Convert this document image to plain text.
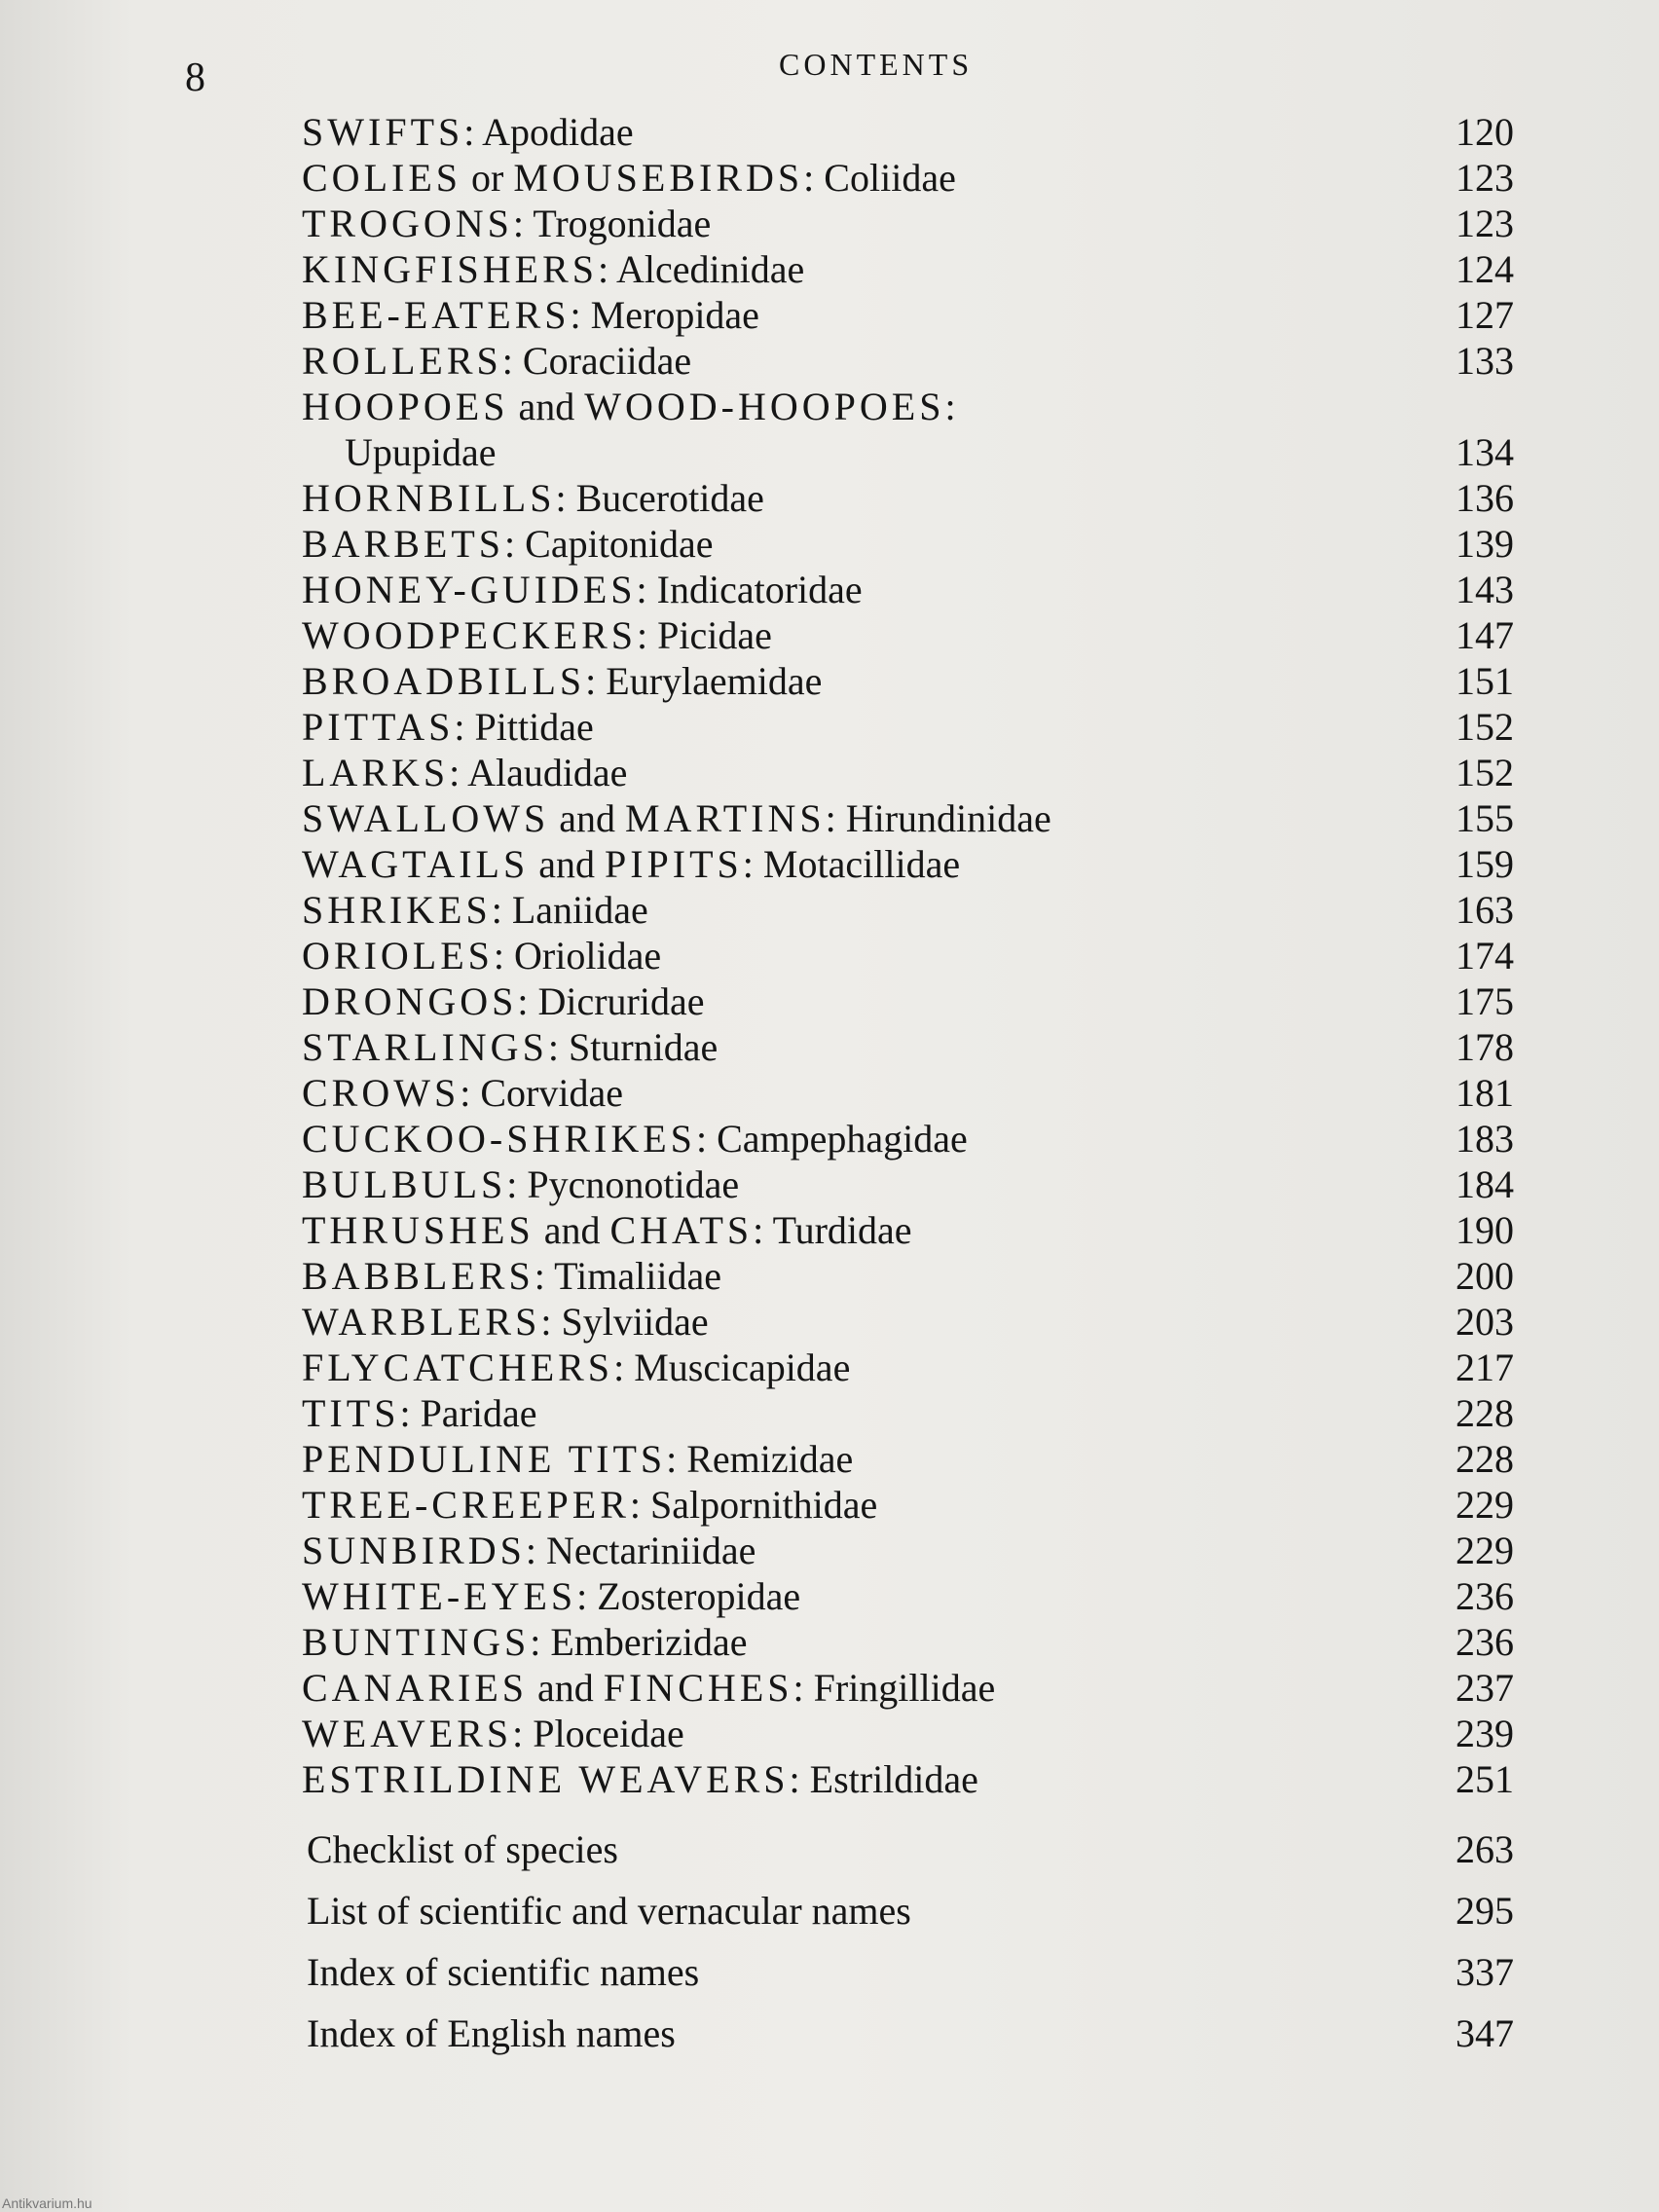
8	CONTENTS
SWIFTS: Apodidae	120
COLIES or MOUSEBIRDS: Coliidae	123
TROGONS: Trogonidae	123
KINGFISHERS: Alcedinidae	124
BEE-EATERS: Meropidae	127
ROLLERS: Coraciidae	133
HOOPOES and WOOD-HOOPOES:
Upupidae	134
HORNBILLS: Bucerotidae	136
BARBETS: Capitonidae	139
HONEY-GUIDES: Indicatoridae	143
WOODPECKERS: Picidae	147
BROADBILLS: Eurylaemidae	151
PITTAS: Pittidae	152
LARKS: Alaudidae	152
SWALLOWS and MARTINS: Hirundinidae	155
WAGTAILS and PIPITS: Motacillidae	159
SHRIKES: Laniidae	163
ORIOLES: Oriolidae	174
DRONGOS: Dicruridae	175
STARLINGS: Sturnidae	178
CROWS: Corvidae	181
CUCKOO-SHRIKES: Campephagidae	183
BULBULS: Pycnonotidae	184
THRUSHES and CHATS: Turdidae	190
BABBLERS: Timaliidae	200
WARBLERS: Sylviidae	203
FLYCATCHERS: Muscicapidae	217
TITS: Paridae	228
PENDULINE TITS: Remizidae	228
TREE-CREEPER: Salpornithidae	229
SUNBIRDS: Nectariniidae	229
WHITE-EYES: Zosteropidae	236
BUNTINGS: Emberizidae	236
CANARIES and FINCHES: Fringillidae	237
WEAVERS: Ploceidae	239
ESTRILDINE WEAVERS: Estrildidae	251
Checklist of species	263
List of scientific and vernacular names	295
Index of scientific names	337
Index of English names	347
Antikvarium.hu
